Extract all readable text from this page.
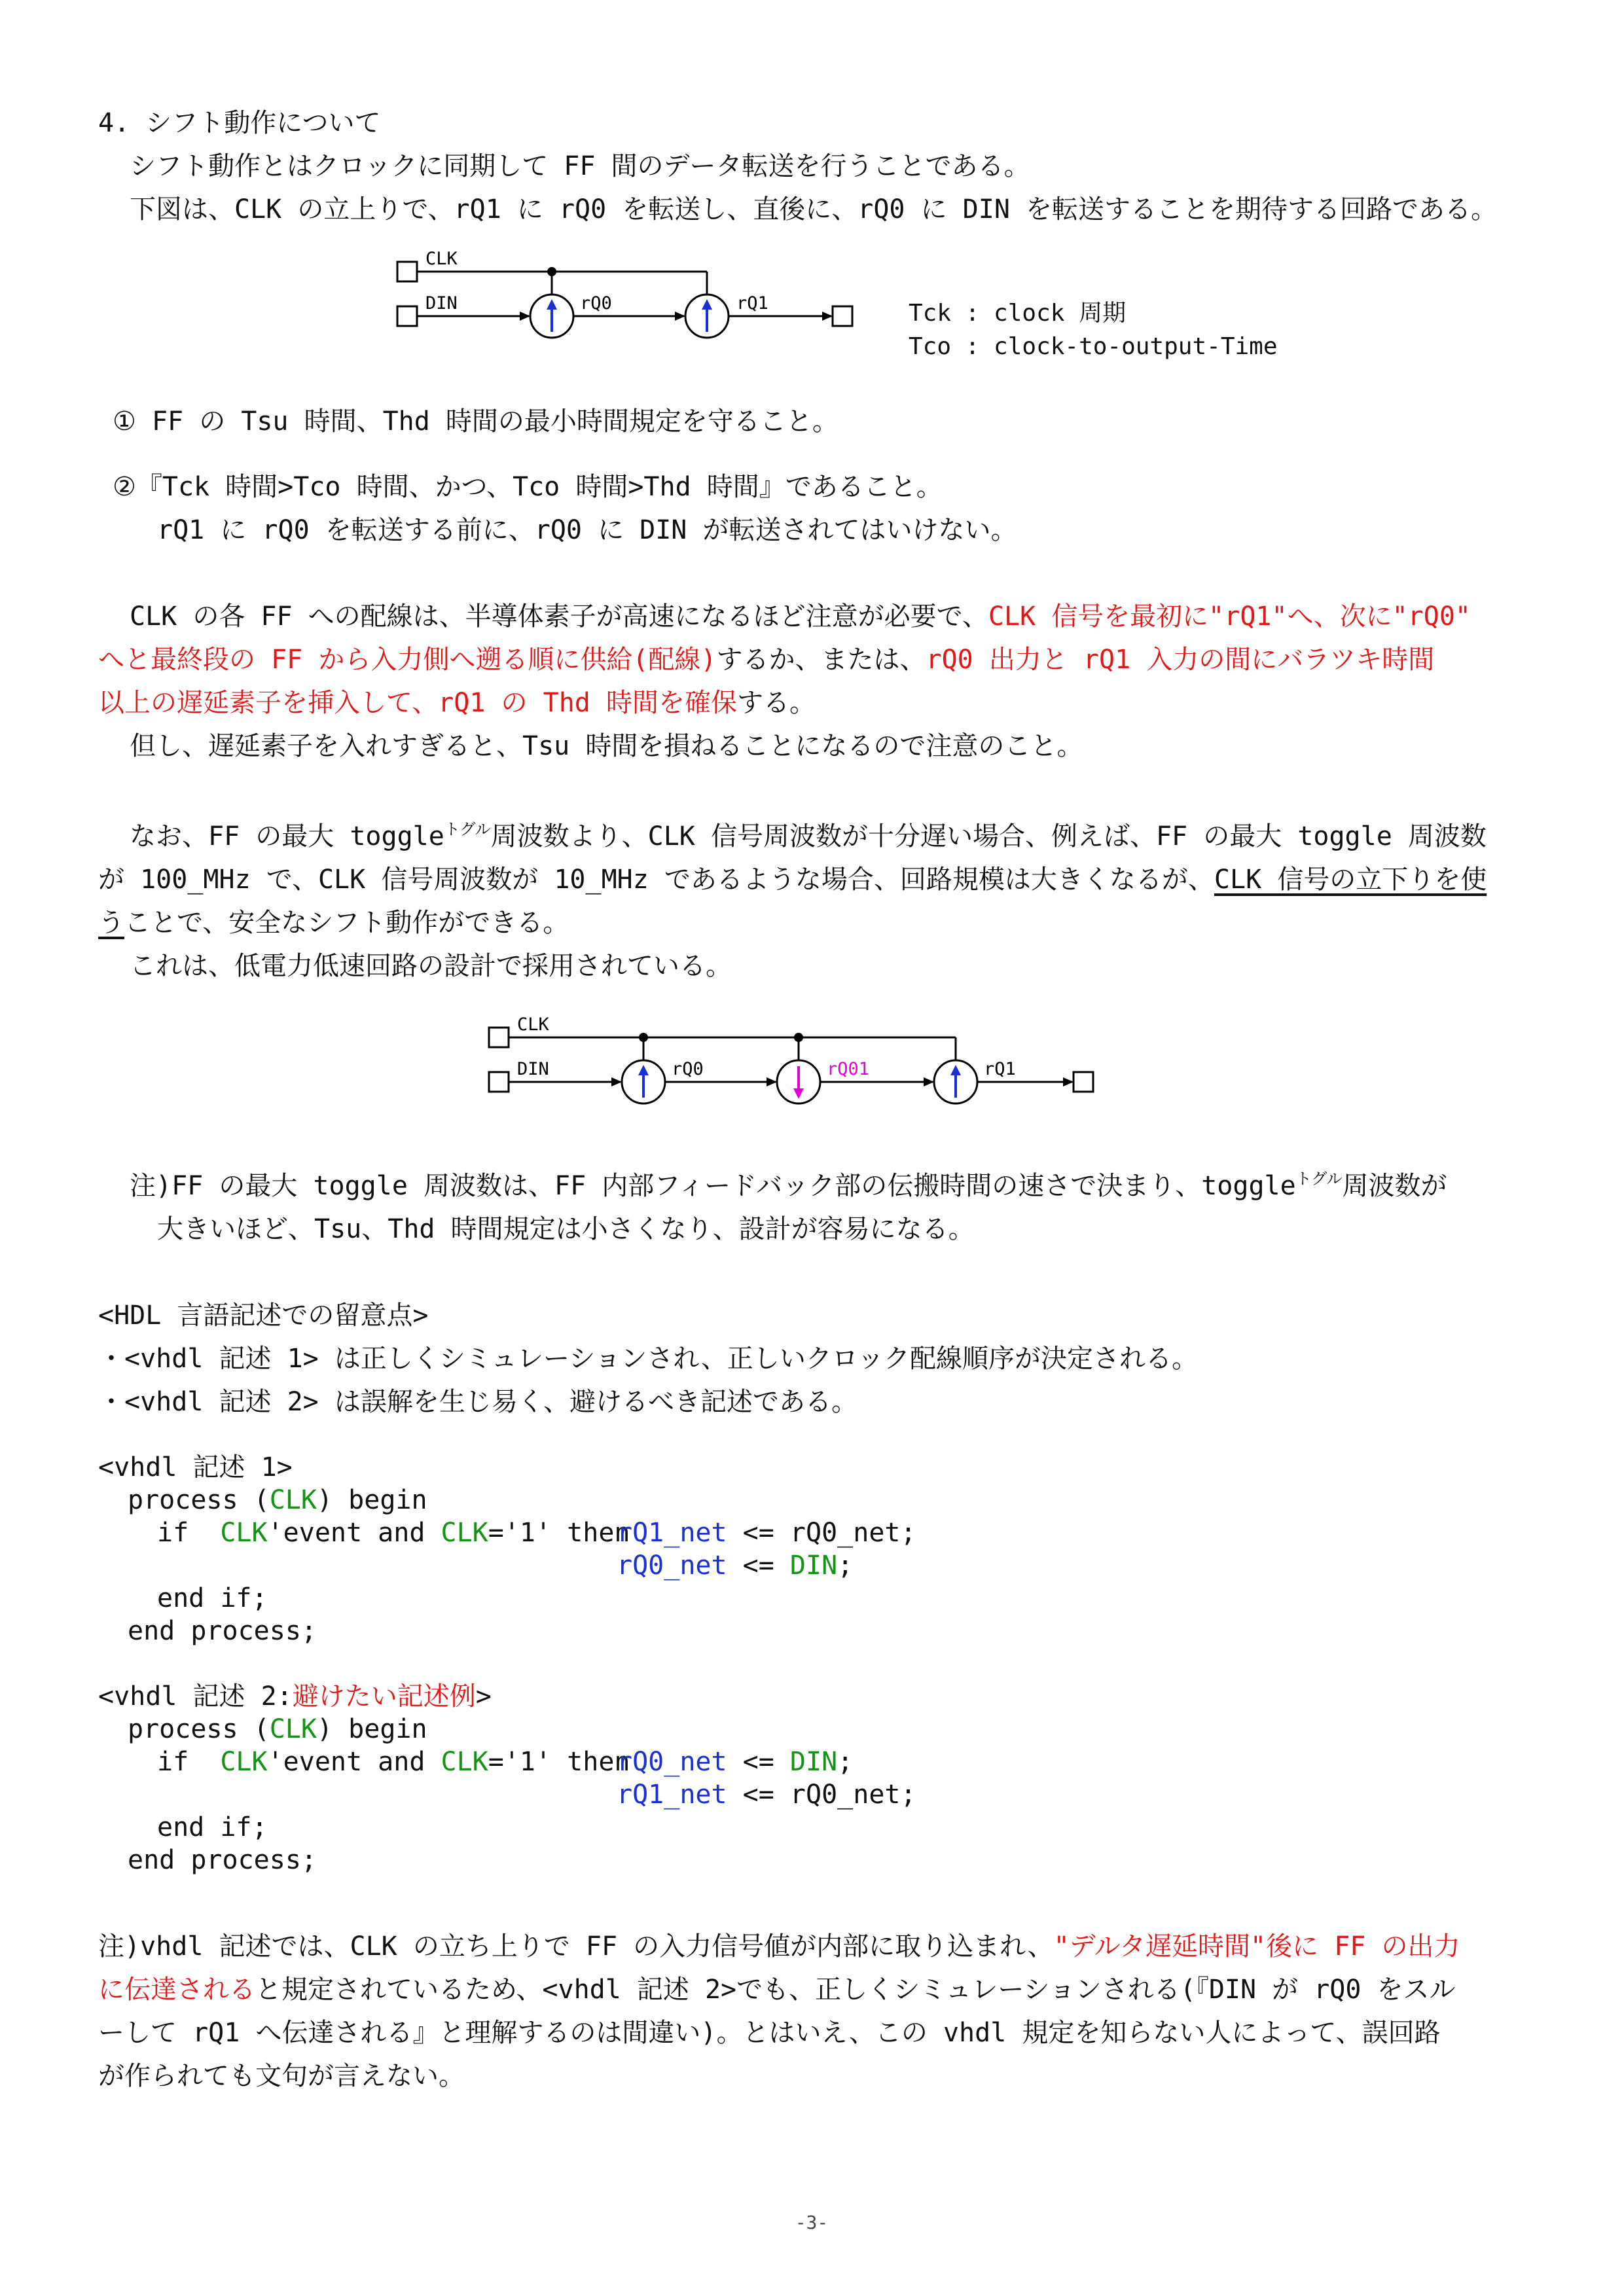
4. シフト動作について
シフト動作とはクロックに同期して FF 間のデータ転送を行うことである。
下図は、CLK の立上りで、rQ1 に rQ0 を転送し、直後に、rQ0 に DIN を転送することを期待する回路である。
CLK
DIN	rQ0	rQ1	Tck : clock 周期
Tco : clock-to-output-Time
① FF の Tsu 時間、Thd 時間の最小時間規定を守ること。
②『Tck 時間>Tco 時間、かつ、Tco 時間>Thd 時間』であること。
rQ1 に rQ0 を転送する前に、rQ0 に DIN が転送されてはいけない。
CLK の各 FF への配線は、半導体素子が高速になるほど注意が必要で、CLK 信号を最初に"rQ1"へ、次に"rQ0"
へと最終段の FF から入力側へ遡る順に供給(配線)するか、または、rQ0 出力と rQ1 入力の間にバラツキ時間
以上の遅延素子を挿入して、rQ1 の Thd 時間を確保する。
但し、遅延素子を入れすぎると、Tsu 時間を損ねることになるので注意のこと。
なお、FF の最大 toggle$^{トグル}$周波数より、CLK 信号周波数が十分遅い場合、例えば、FF の最大 toggle 周波数
が 100_MHz で、CLK 信号周波数が 10_MHz であるような場合、回路規模は大きくなるが、CLK 信号の立下りを使
うことで、安全なシフト動作ができる。
これは、低電力低速回路の設計で採用されている。
CLK
DIN	rQ0	rQ01	rQ1
注)FF の最大 toggle 周波数は、FF 内部フィードバック部の伝搬時間の速さで決まり、toggle$^{トグル}$周波数が
大きいほど、Tsu、Thd 時間規定は小さくなり、設計が容易になる。
<HDL 言語記述での留意点>
・<vhdl 記述 1> は正しくシミュレーションされ、正しいクロック配線順序が決定される。
・<vhdl 記述 2> は誤解を生じ易く、避けるべき記述である。
<vhdl 記述 1>
process (CLK) begin
if CLK'event and CLK='1' then
rQ1_net <= rQ0_net;
rQ0_net <= DIN;
end if;
end process;
<vhdl 記述 2:避けたい記述例>
process (CLK) begin
if CLK'event and CLK='1' then
rQ0_net <= DIN;
rQ1_net <= rQ0_net;
end if;
end process;
注)vhdl 記述では、CLK の立ち上りで FF の入力信号値が内部に取り込まれ、"デルタ遅延時間"後に FF の出力
に伝達されると規定されているため、<vhdl 記述 2>でも、正しくシミュレーションされる(『DIN が rQ0 をスル
ーして rQ1 へ伝達される』と理解するのは間違い)。とはいえ、この vhdl 規定を知らない人によって、誤回路
が作られても文句が言えない。
-3-
